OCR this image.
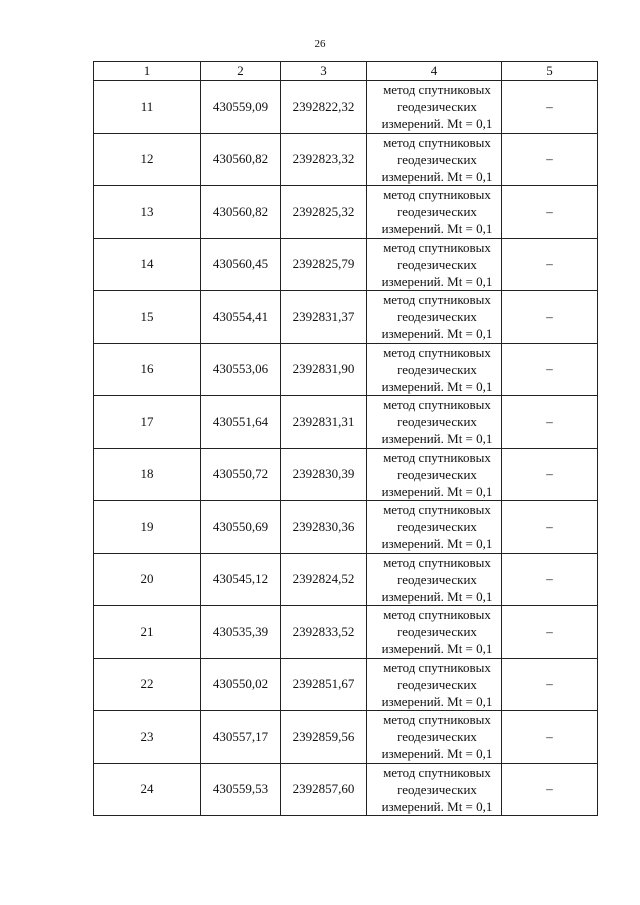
26
1	2	3	4	5
11	430559,09	2392822,32	метод спутниковых
геодезических
измерений. Mt = 0,1	–
12	430560,82	2392823,32	метод спутниковых
геодезических
измерений. Mt = 0,1	–
13	430560,82	2392825,32	метод спутниковых
геодезических
измерений. Mt = 0,1	–
14	430560,45	2392825,79	метод спутниковых
геодезических
измерений. Mt = 0,1	–
15	430554,41	2392831,37	метод спутниковых
геодезических
измерений. Mt = 0,1	–
16	430553,06	2392831,90	метод спутниковых
геодезических
измерений. Mt = 0,1	–
17	430551,64	2392831,31	метод спутниковых
геодезических
измерений. Mt = 0,1	–
18	430550,72	2392830,39	метод спутниковых
геодезических
измерений. Mt = 0,1	–
19	430550,69	2392830,36	метод спутниковых
геодезических
измерений. Mt = 0,1	–
20	430545,12	2392824,52	метод спутниковых
геодезических
измерений. Mt = 0,1	–
21	430535,39	2392833,52	метод спутниковых
геодезических
измерений. Mt = 0,1	–
22	430550,02	2392851,67	метод спутниковых
геодезических
измерений. Mt = 0,1	–
23	430557,17	2392859,56	метод спутниковых
геодезических
измерений. Mt = 0,1	–
24	430559,53	2392857,60	метод спутниковых
геодезических
измерений. Mt = 0,1	–
